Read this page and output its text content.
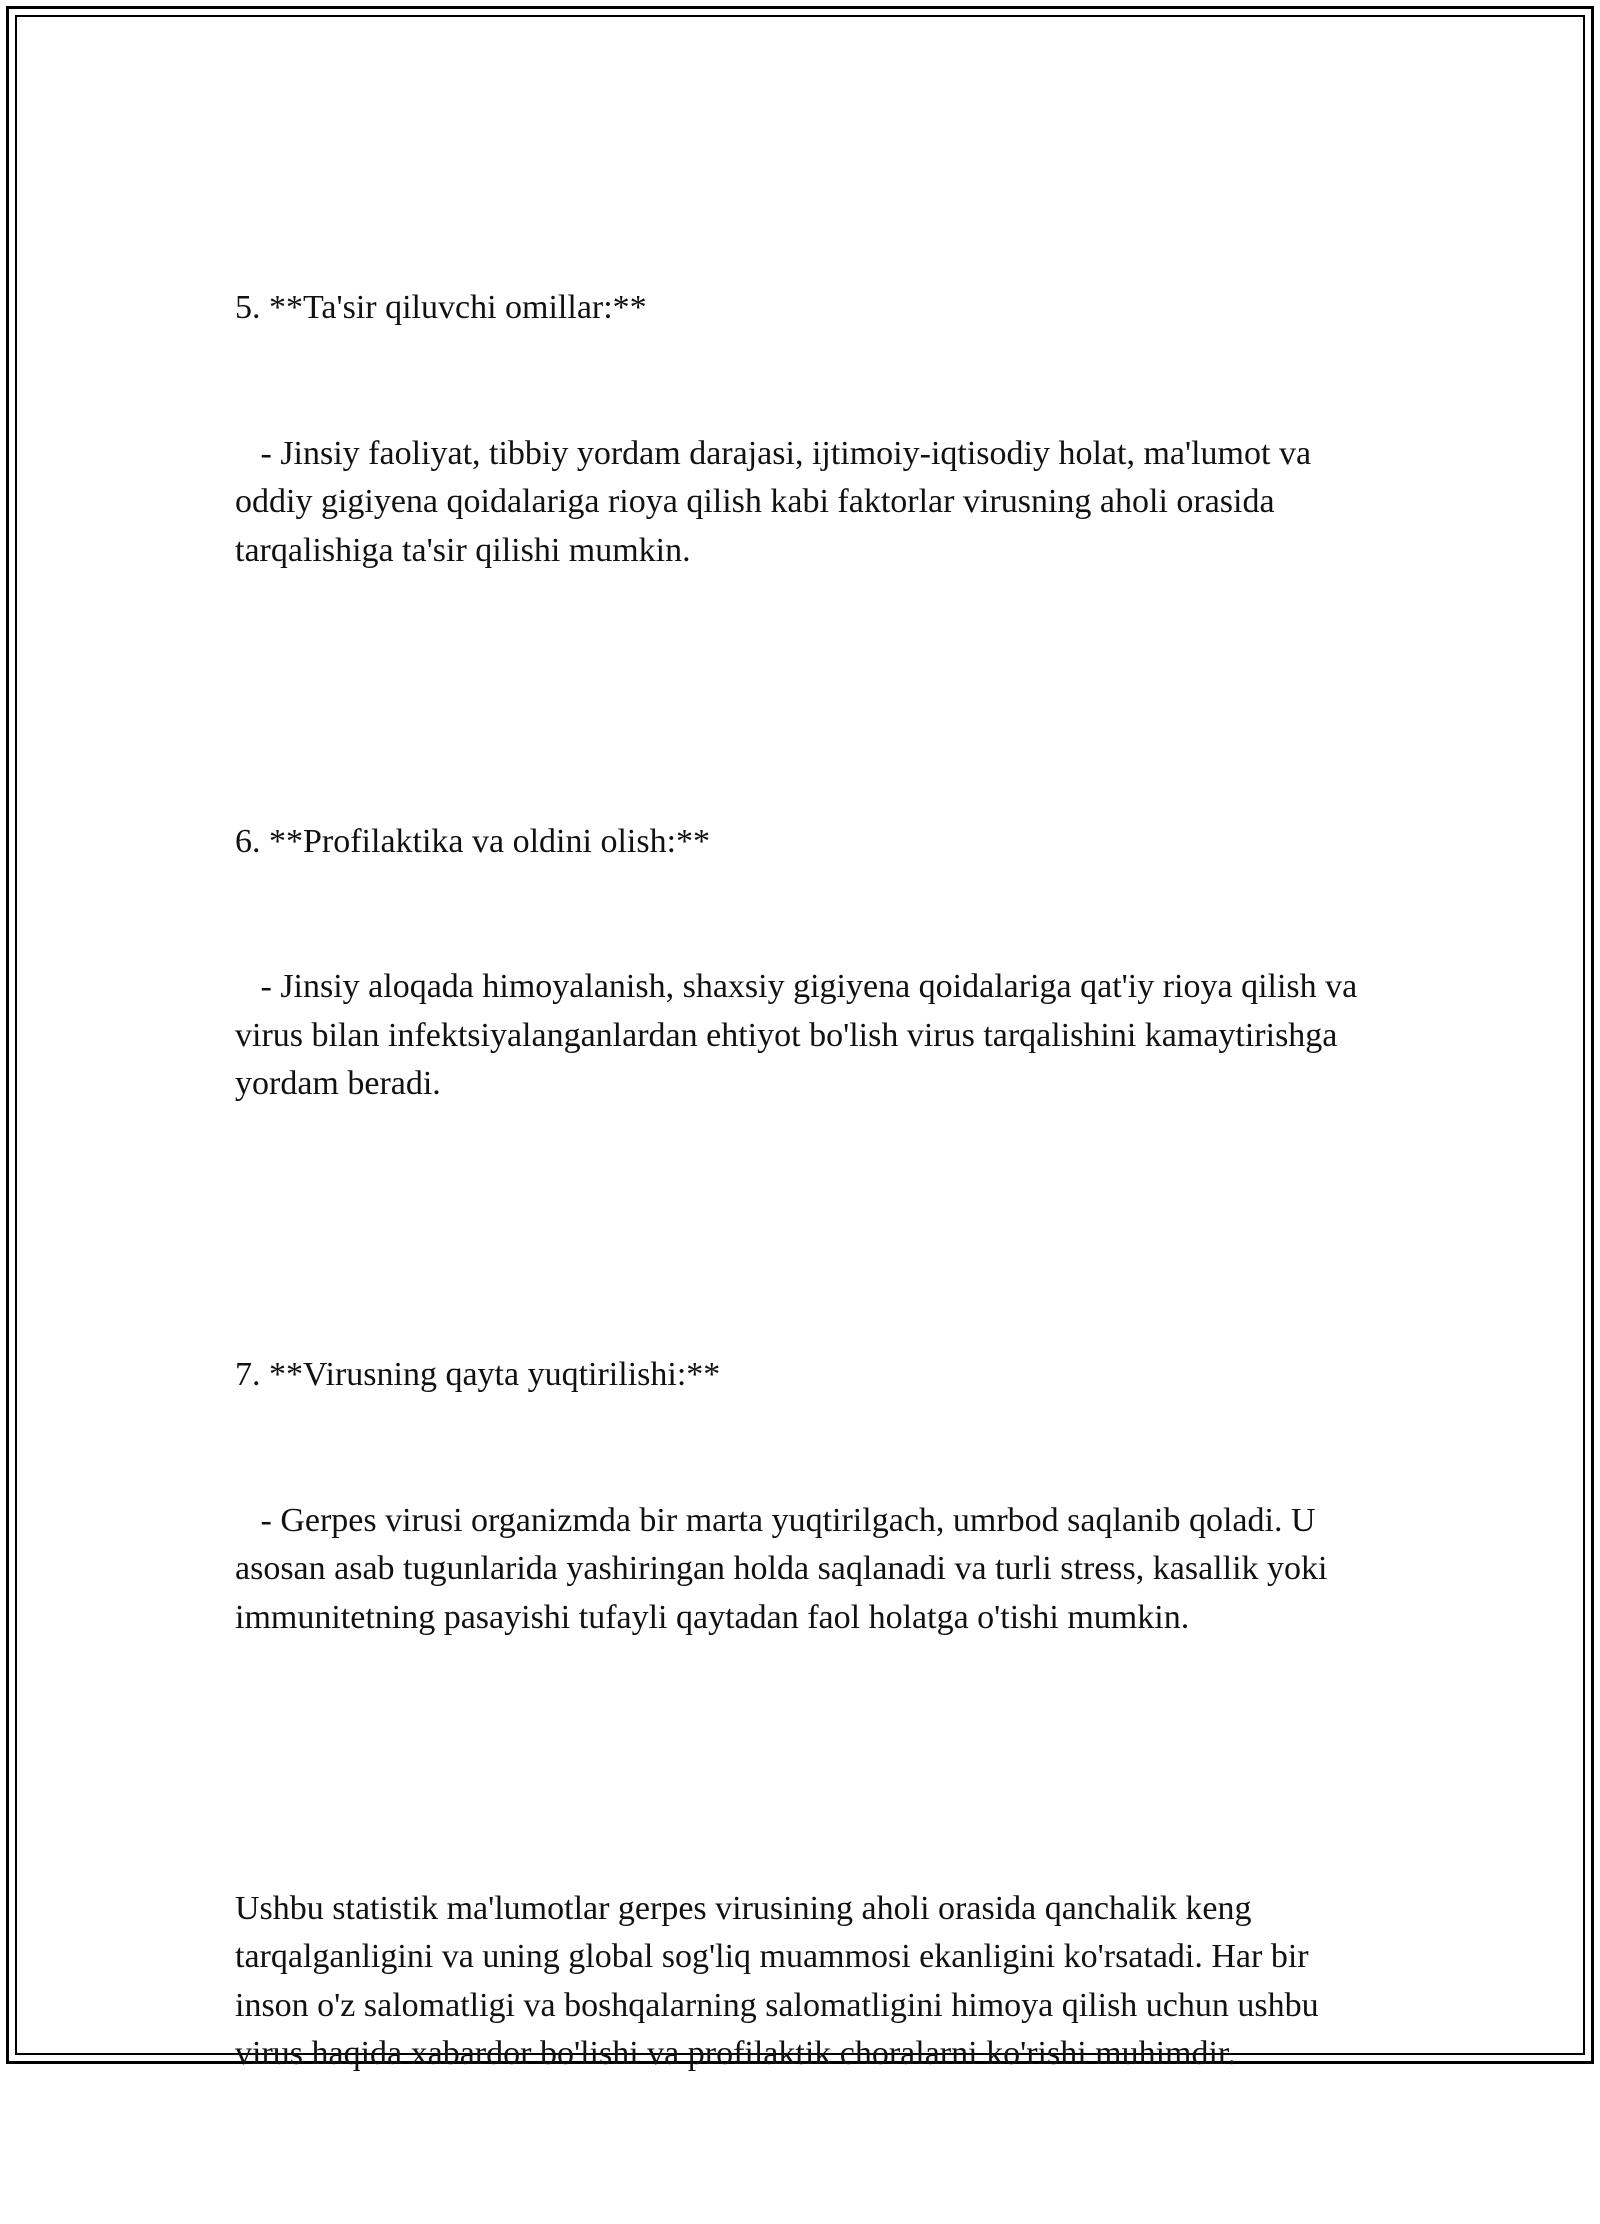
5. **Ta'sir qiluvchi omillar:**

- Jinsiy faoliyat, tibbiy yordam darajasi, ijtimoiy-iqtisodiy holat, ma'lumot va oddiy gigiyena qoidalariga rioya qilish kabi faktorlar virusning aholi orasida tarqalishiga ta'sir qilishi mumkin.

6. **Profilaktika va oldini olish:**

- Jinsiy aloqada himoyalanish, shaxsiy gigiyena qoidalariga qat'iy rioya qilish va virus bilan infektsiyalanganlardan ehtiyot bo'lish virus tarqalishini kamaytirishga yordam beradi.

7. **Virusning qayta yuqtirilishi:**

- Gerpes virusi organizmda bir marta yuqtirilgach, umrbod saqlanib qoladi. U asosan asab tugunlarida yashiringan holda saqlanadi va turli stress, kasallik yoki immunitetning pasayishi tufayli qaytadan faol holatga o'tishi mumkin.

Ushbu statistik ma'lumotlar gerpes virusining aholi orasida qanchalik keng tarqalganligini va uning global sog'liq muammosi ekanligini ko'rsatadi. Har bir inson o'z salomatligi va boshqalarning salomatligini himoya qilish uchun ushbu virus haqida xabardor bo'lishi va profilaktik choralarni ko'rishi muhimdir.
